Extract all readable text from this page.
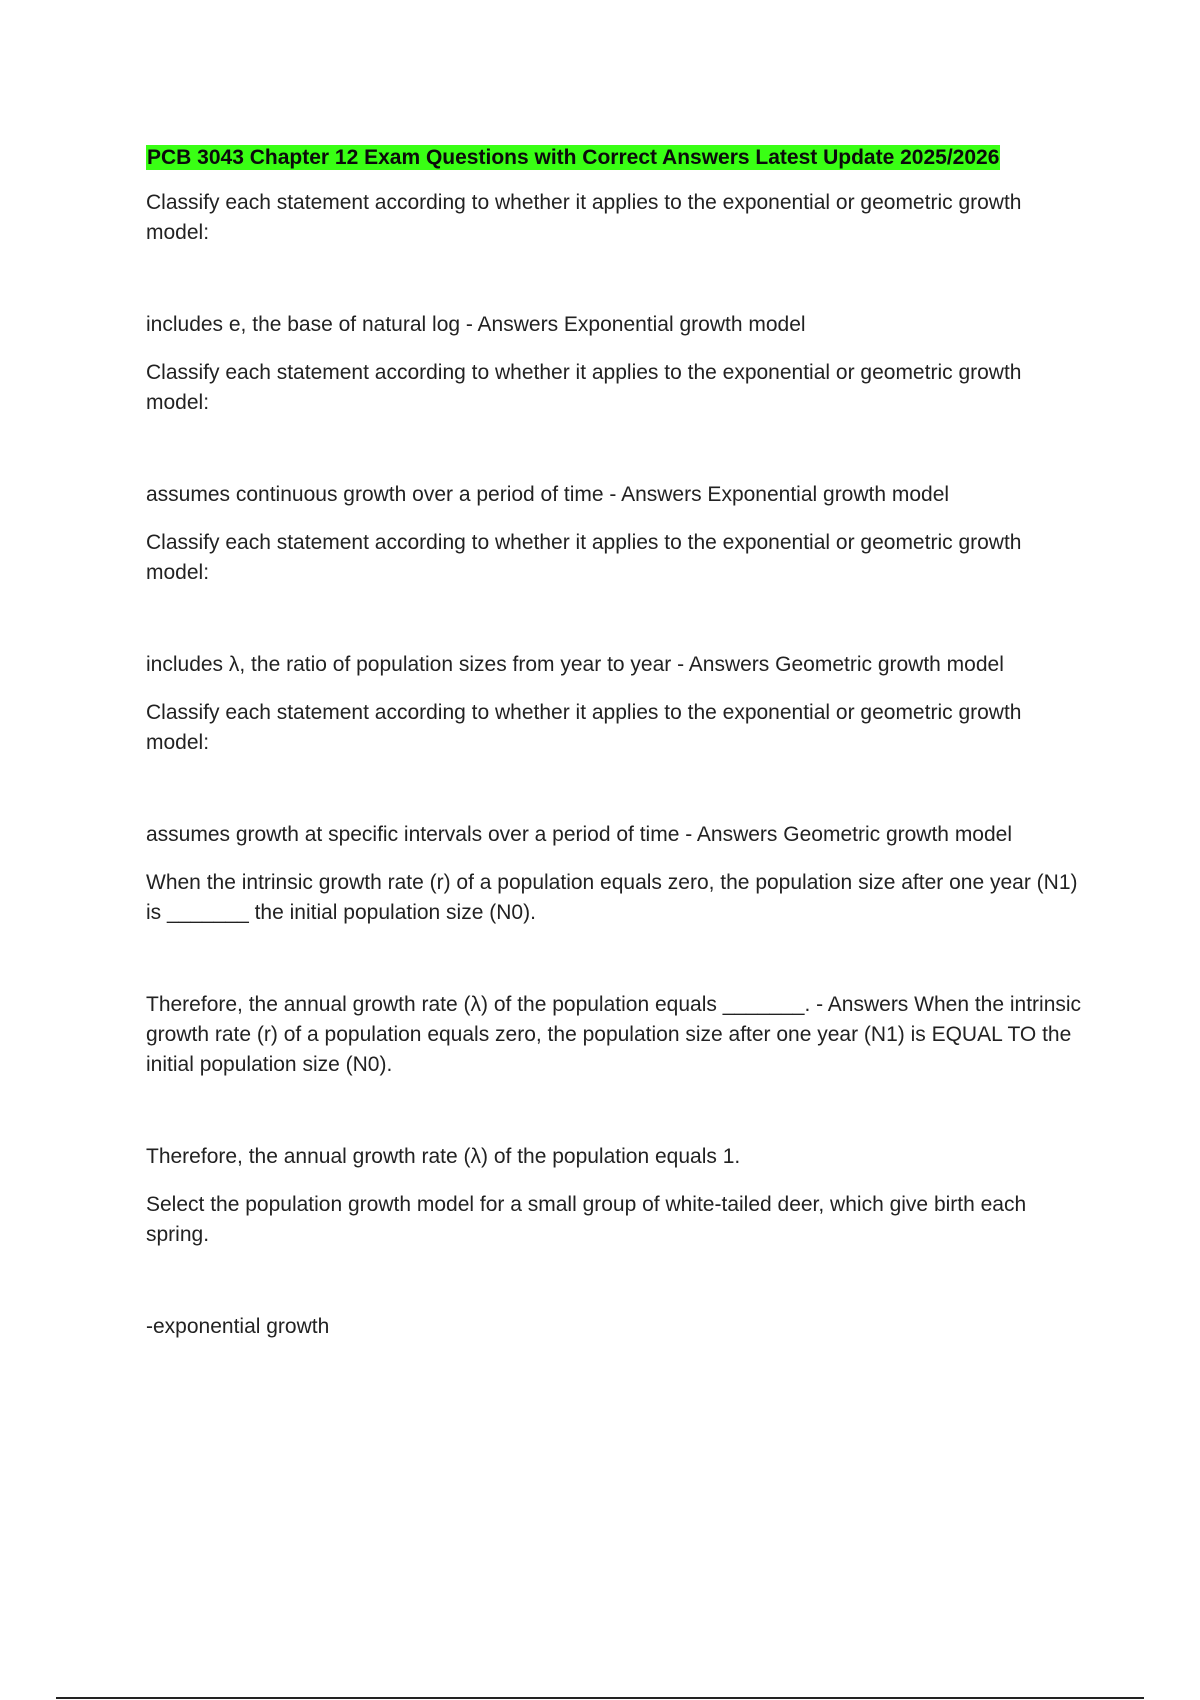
PCB 3043 Chapter 12 Exam Questions with Correct Answers Latest Update 2025/2026

Classify each statement according to whether it applies to the exponential or geometric growth model:

includes e, the base of natural log - Answers Exponential growth model

Classify each statement according to whether it applies to the exponential or geometric growth model:

assumes continuous growth over a period of time - Answers Exponential growth model

Classify each statement according to whether it applies to the exponential or geometric growth model:

includes λ, the ratio of population sizes from year to year - Answers Geometric growth model

Classify each statement according to whether it applies to the exponential or geometric growth model:

assumes growth at specific intervals over a period of time - Answers Geometric growth model

When the intrinsic growth rate (r) of a population equals zero, the population size after one year (N1) is _______ the initial population size (N0).

Therefore, the annual growth rate (λ) of the population equals _______. - Answers When the intrinsic growth rate (r) of a population equals zero, the population size after one year (N1) is EQUAL TO the initial population size (N0).

Therefore, the annual growth rate (λ) of the population equals 1.

Select the population growth model for a small group of white-tailed deer, which give birth each spring.

-exponential growth
